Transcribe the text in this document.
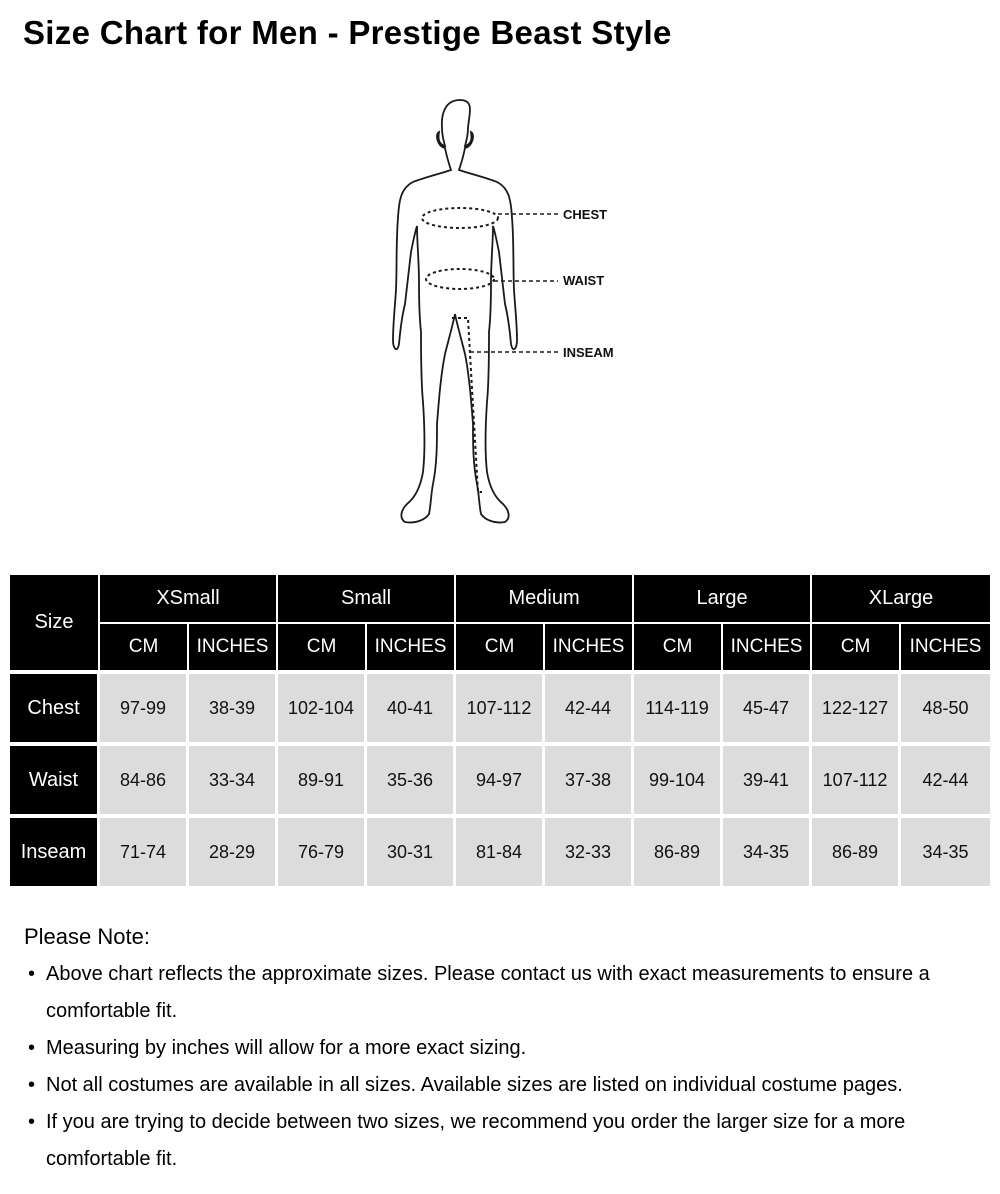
Size Chart for Men - Prestige Beast Style
CHEST
WAIST
INSEAM
Size	XSmall		Small		Medium		Large		XLarge	
	CM	INCHES	CM	INCHES	CM	INCHES	CM	INCHES	CM	INCHES
Chest	97-99	38-39	102-104	40-41	107-112	42-44	114-119	45-47	122-127	48-50
Waist	84-86	33-34	89-91	35-36	94-97	37-38	99-104	39-41	107-112	42-44
Inseam	71-74	28-29	76-79	30-31	81-84	32-33	86-89	34-35	86-89	34-35
Please Note:
• Above chart reflects the approximate sizes. Please contact us with exact measurements to ensure a comfortable fit.
• Measuring by inches will allow for a more exact sizing.
• Not all costumes are available in all sizes. Available sizes are listed on individual costume pages.
• If you are trying to decide between two sizes, we recommend you order the larger size for a more comfortable fit.
